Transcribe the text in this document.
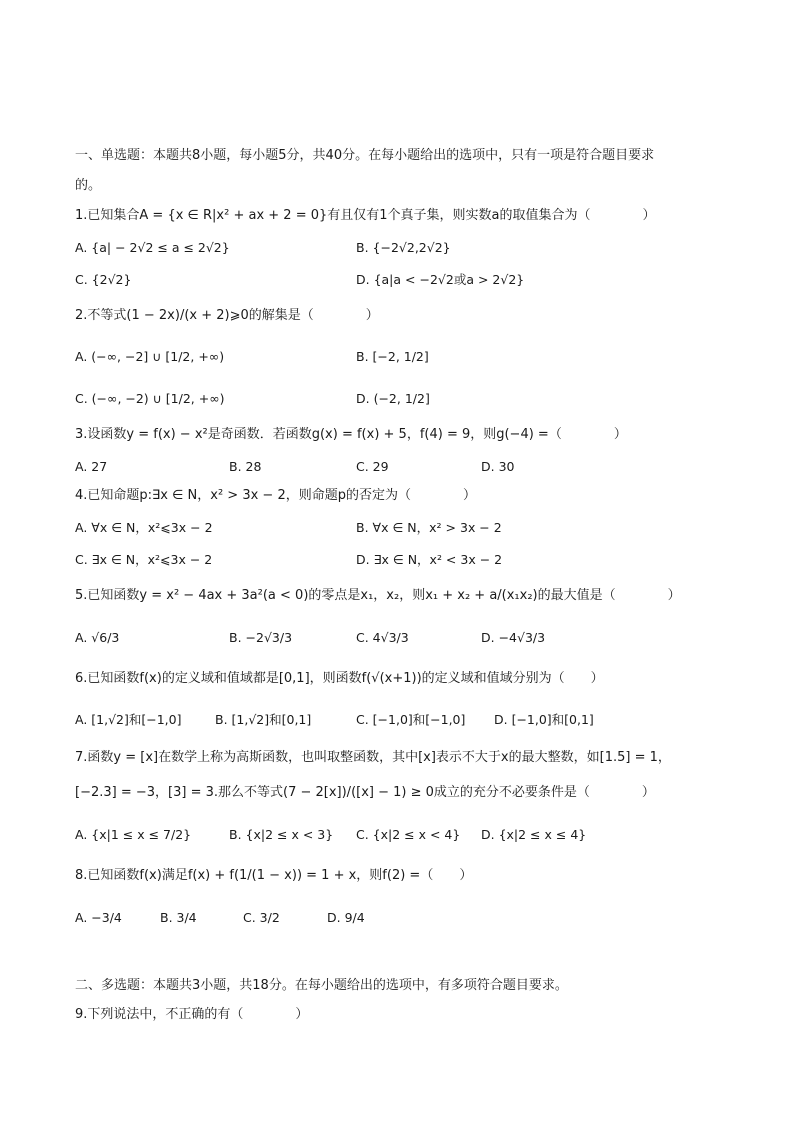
一、单选题：本题共8小题，每小题5分，共40分。在每小题给出的选项中，只有一项是符合题目要求
的。
1.已知集合A = {x ∈ R|x² + ax + 2 = 0}有且仅有1个真子集，则实数a的取值集合为（　　　　）
A. {a| − 2√2 ≤ a ≤ 2√2}	B. {−2√2,2√2}
C. {2√2}	D. {a|a < −2√2或a > 2√2}
2.不等式(1 − 2x)/(x + 2)⩾0的解集是（　　　　）
A. (−∞, −2] ∪ [1/2, +∞)	B. [−2, 1/2]
C. (−∞, −2) ∪ [1/2, +∞)	D. (−2, 1/2]
3.设函数y = f(x) − x²是奇函数．若函数g(x) = f(x) + 5，f(4) = 9，则g(−4) =（　　　　）
A. 27	B. 28	C. 29	D. 30
4.已知命题p:∃x ∈ N，x² > 3x − 2，则命题p的否定为（　　　　）
A. ∀x ∈ N，x²⩽3x − 2	B. ∀x ∈ N，x² > 3x − 2
C. ∃x ∈ N，x²⩽3x − 2	D. ∃x ∈ N，x² < 3x − 2
5.已知函数y = x² − 4ax + 3a²(a < 0)的零点是x₁，x₂，则x₁ + x₂ + a/(x₁x₂)的最大值是（　　　　）
A. √6/3	B. −2√3/3	C. 4√3/3	D. −4√3/3
6.已知函数f(x)的定义域和值域都是[0,1]，则函数f(√(x+1))的定义域和值域分别为（　　）
A. [1,√2]和[−1,0]	B. [1,√2]和[0,1]	C. [−1,0]和[−1,0] D. [−1,0]和[0,1]
7.函数y = [x]在数学上称为高斯函数，也叫取整函数，其中[x]表示不大于x的最大整数，如[1.5] = 1，
[−2.3] = −3，[3] = 3.那么不等式(7 − 2[x])/([x] − 1) ≥ 0成立的充分不必要条件是（　　　　）
A. {x|1 ≤ x ≤ 7/2}	B. {x|2 ≤ x < 3} C. {x|2 ≤ x < 4} D. {x|2 ≤ x ≤ 4}
8.已知函数f(x)满足f(x) + f(1/(1 − x)) = 1 + x，则f(2) =（　　）
A. −3/4	B. 3/4	C. 3/2	D. 9/4
二、多选题：本题共3小题，共18分。在每小题给出的选项中，有多项符合题目要求。
9.下列说法中，不正确的有（　　　　）
